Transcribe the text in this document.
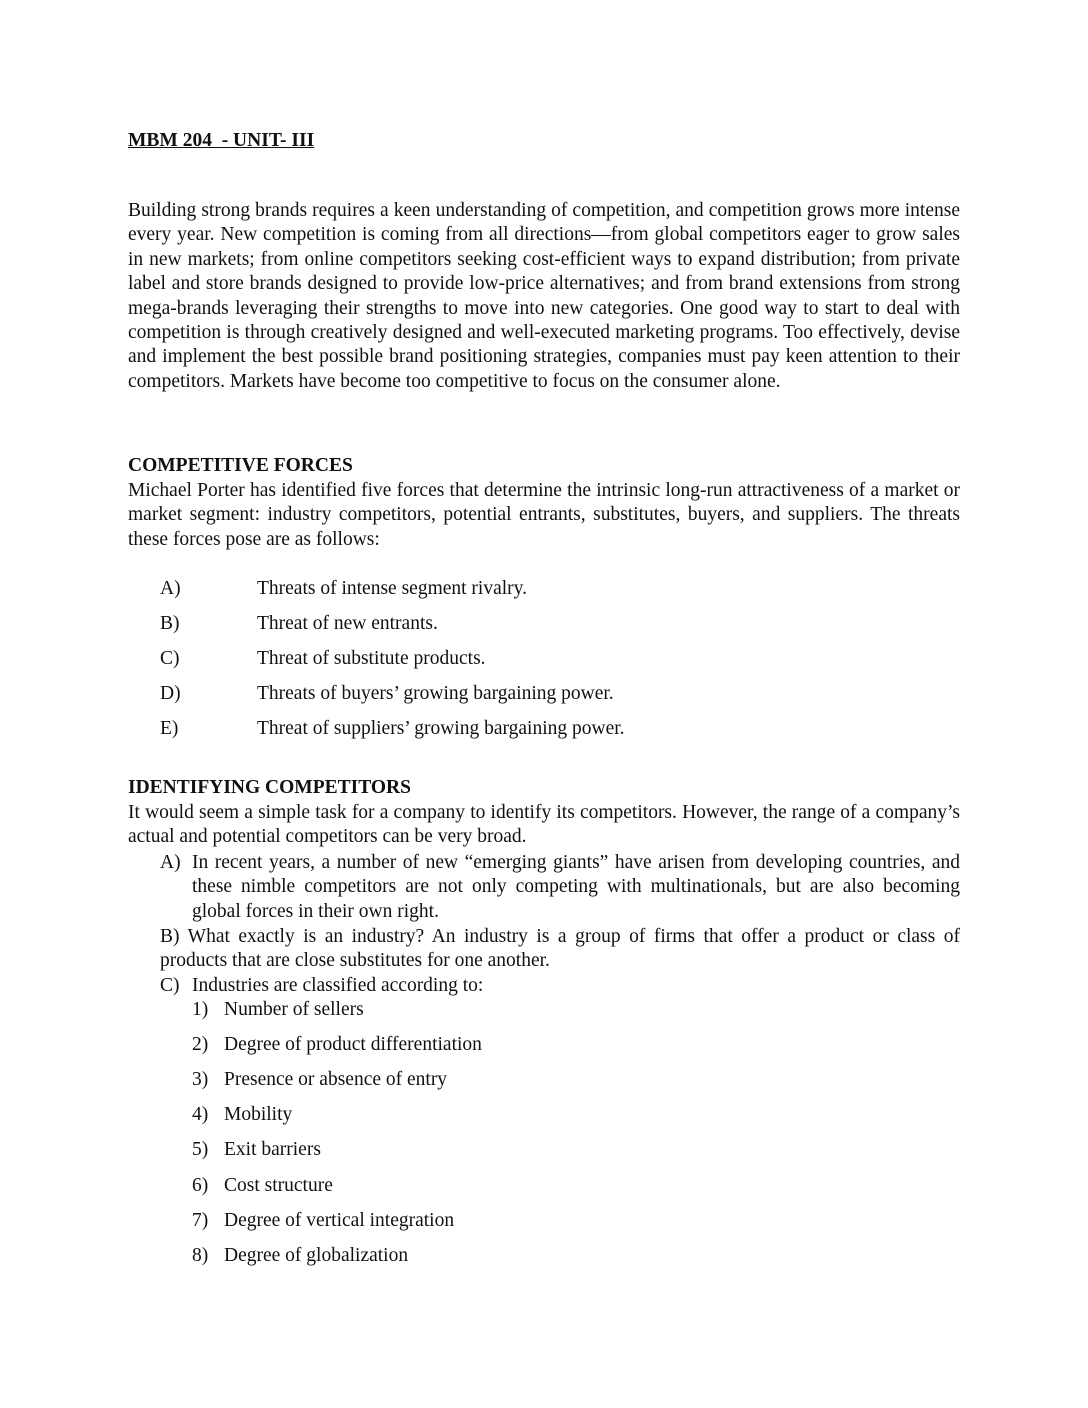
MBM 204  - UNIT- III

Building strong brands requires a keen understanding of competition, and competition grows more intense every year. New competition is coming from all directions—from global competitors eager to grow sales in new markets; from online competitors seeking cost-efficient ways to expand distribution; from private label and store brands designed to provide low-price alternatives; and from brand extensions from strong mega-brands leveraging their strengths to move into new categories. One good way to start to deal with competition is through creatively designed and well-executed marketing programs. Too effectively, devise and implement the best possible brand positioning strategies, companies must pay keen attention to their competitors. Markets have become too competitive to focus on the consumer alone.

COMPETITIVE FORCES

Michael Porter has identified five forces that determine the intrinsic long-run attractiveness of a market or market segment: industry competitors, potential entrants, substitutes, buyers, and suppliers. The threats these forces pose are as follows:

A)	Threats of intense segment rivalry.
B)	Threat of new entrants.
C)	Threat of substitute products.
D)	Threats of buyers’ growing bargaining power.
E)	Threat of suppliers’ growing bargaining power.
IDENTIFYING COMPETITORS

It would seem a simple task for a company to identify its competitors. However, the range of a company’s actual and potential competitors can be very broad.

A) In recent years, a number of new “emerging giants” have arisen from developing countries, and these nimble competitors are not only competing with multinationals, but are also becoming global forces in their own right.

B) What exactly is an industry? An industry is a group of firms that offer a product or class of products that are close substitutes for one another.

C) Industries are classified according to:
1) Number of sellers
2) Degree of product differentiation
3) Presence or absence of entry
4) Mobility
5) Exit barriers
6) Cost structure
7) Degree of vertical integration
8) Degree of globalization
